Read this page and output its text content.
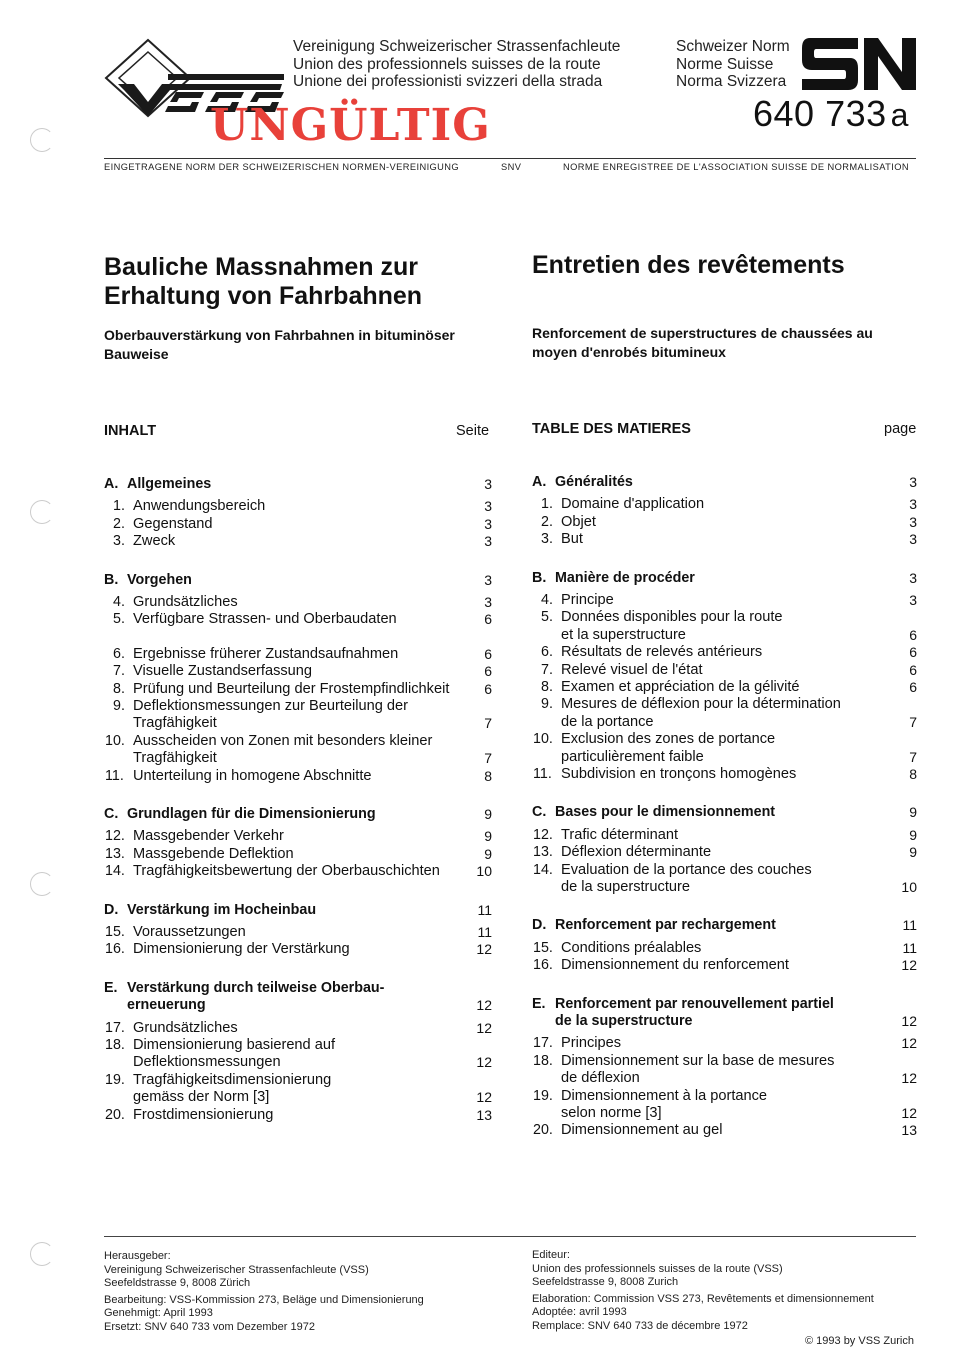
Vereinigung Schweizerischer Strassenfachleute
Union des professionnels suisses de la route
Unione dei professionisti svizzeri della strada
Schweizer Norm
Norme Suisse
Norma Svizzera
640 733 a
UNGÜLTIG
EINGETRAGENE NORM DER SCHWEIZERISCHEN NORMEN-VEREINIGUNG	SNV	NORME ENREGISTREE DE L'ASSOCIATION SUISSE DE NORMALISATION
Bauliche Massnahmen zur
Erhaltung von Fahrbahnen
Entretien des revêtements
Oberbauverstärkung von Fahrbahnen in bituminöser
Bauweise
Renforcement de superstructures de chaussées au
moyen d'enrobés bitumineux
INHALT	Seite	TABLE DES MATIERES	page
A. Allgemeines	3
1. Anwendungsbereich	3
2. Gegenstand	3
3. Zweck	3
B. Vorgehen	3
4. Grundsätzliches	3
5. Verfügbare Strassen- und Oberbaudaten	6
6. Ergebnisse früherer Zustandsaufnahmen	6
7. Visuelle Zustandserfassung	6
8. Prüfung und Beurteilung der Frostempfindlichkeit	6
9. Deflektionsmessungen zur Beurteilung der
Tragfähigkeit	7
10. Ausscheiden von Zonen mit besonders kleiner
Tragfähigkeit	7
11. Unterteilung in homogene Abschnitte	8
C. Grundlagen für die Dimensionierung	9
12. Massgebender Verkehr	9
13. Massgebende Deflektion	9
14. Tragfähigkeitsbewertung der Oberbauschichten	10
D. Verstärkung im Hocheinbau	11
15. Voraussetzungen	11
16. Dimensionierung der Verstärkung	12
E. Verstärkung durch teilweise Oberbau-
erneuerung	12
17. Grundsätzliches	12
18. Dimensionierung basierend auf
Deflektionsmessungen	12
19. Tragfähigkeitsdimensionierung
gemäss der Norm [3]	12
20. Frostdimensionierung	13
A. Généralités	3
1. Domaine d'application	3
2. Objet	3
3. But	3
B. Manière de procéder	3
4. Principe	3
5. Données disponibles pour la route
et la superstructure	6
6. Résultats de relevés antérieurs	6
7. Relevé visuel de l'état	6
8. Examen et appréciation de la gélivité	6
9. Mesures de déflexion pour la détermination
de la portance	7
10. Exclusion des zones de portance
particulièrement faible	7
11. Subdivision en tronçons homogènes	8
C. Bases pour le dimensionnement	9
12. Trafic déterminant	9
13. Déflexion déterminante	9
14. Evaluation de la portance des couches
de la superstructure	10
D. Renforcement par rechargement	11
15. Conditions préalables	11
16. Dimensionnement du renforcement	12
E. Renforcement par renouvellement partiel
de la superstructure	12
17. Principes	12
18. Dimensionnement sur la base de mesures
de déflexion	12
19. Dimensionnement à la portance
selon norme [3]	12
20. Dimensionnement au gel	13
Herausgeber:
Vereinigung Schweizerischer Strassenfachleute (VSS)
Seefeldstrasse 9, 8008 Zürich
Bearbeitung: VSS-Kommission 273, Beläge und Dimensionierung
Genehmigt: April 1993
Ersetzt: SNV 640 733 vom Dezember 1972
Editeur:
Union des professionnels suisses de la route (VSS)
Seefeldstrasse 9, 8008 Zurich
Elaboration: Commission VSS 273, Revêtements et dimensionnement
Adoptée: avril 1993
Remplace: SNV 640 733 de décembre 1972
© 1993 by VSS Zurich
